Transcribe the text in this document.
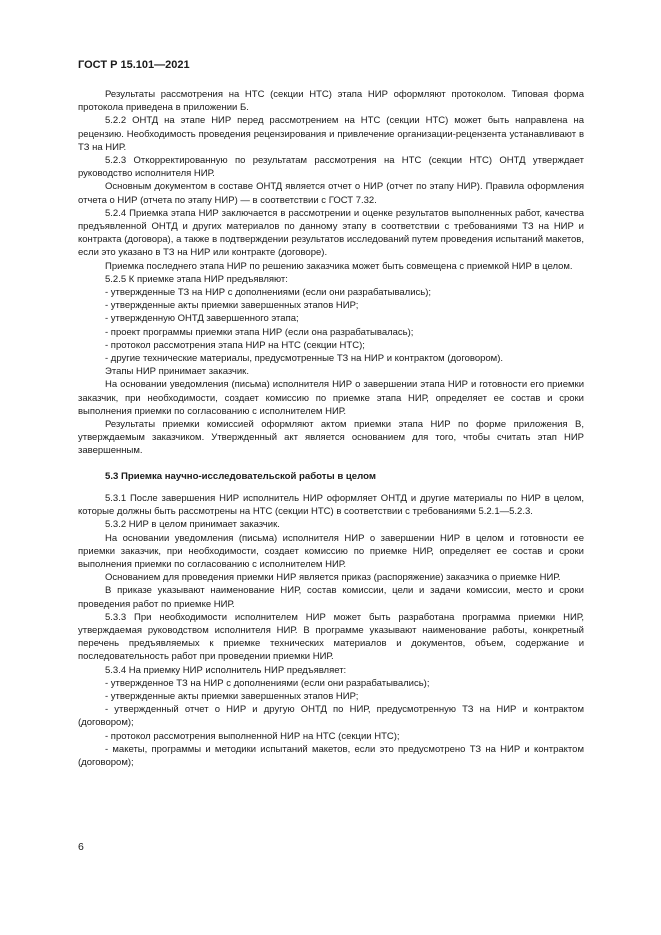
ГОСТ Р 15.101—2021

Результаты рассмотрения на НТС (секции НТС) этапа НИР оформляют протоколом. Типовая форма протокола приведена в приложении Б.

5.2.2 ОНТД на этапе НИР перед рассмотрением на НТС (секции НТС) может быть направлена на рецензию. Необходимость проведения рецензирования и привлечение организации-рецензента устанавливают в ТЗ на НИР.

5.2.3 Откорректированную по результатам рассмотрения на НТС (секции НТС) ОНТД утверждает руководство исполнителя НИР.

Основным документом в составе ОНТД является отчет о НИР (отчет по этапу НИР). Правила оформления отчета о НИР (отчета по этапу НИР) — в соответствии с ГОСТ 7.32.

5.2.4 Приемка этапа НИР заключается в рассмотрении и оценке результатов выполненных работ, качества предъявленной ОНТД и других материалов по данному этапу в соответствии с требованиями ТЗ на НИР и контракта (договора), а также в подтверждении результатов исследований путем проведения испытаний макетов, если это указано в ТЗ на НИР или контракте (договоре).

Приемка последнего этапа НИР по решению заказчика может быть совмещена с приемкой НИР в целом.

5.2.5 К приемке этапа НИР предъявляют:

- утвержденные ТЗ на НИР с дополнениями (если они разрабатывались);

- утвержденные акты приемки завершенных этапов НИР;

- утвержденную ОНТД завершенного этапа;

- проект программы приемки этапа НИР (если она разрабатывалась);

- протокол рассмотрения этапа НИР на НТС (секции НТС);

- другие технические материалы, предусмотренные ТЗ на НИР и контрактом (договором).

Этапы НИР принимает заказчик.

На основании уведомления (письма) исполнителя НИР о завершении этапа НИР и готовности его приемки заказчик, при необходимости, создает комиссию по приемке этапа НИР, определяет ее состав и сроки выполнения приемки по согласованию с исполнителем НИР.

Результаты приемки комиссией оформляют актом приемки этапа НИР по форме приложения В, утверждаемым заказчиком. Утвержденный акт является основанием для того, чтобы считать этап НИР завершенным.

5.3 Приемка научно-исследовательской работы в целом

5.3.1 После завершения НИР исполнитель НИР оформляет ОНТД и другие материалы по НИР в целом, которые должны быть рассмотрены на НТС (секции НТС) в соответствии с требованиями 5.2.1—5.2.3.

5.3.2 НИР в целом принимает заказчик.

На основании уведомления (письма) исполнителя НИР о завершении НИР в целом и готовности ее приемки заказчик, при необходимости, создает комиссию по приемке НИР, определяет ее состав и сроки выполнения приемки по согласованию с исполнителем НИР.

Основанием для проведения приемки НИР является приказ (распоряжение) заказчика о приемке НИР.

В приказе указывают наименование НИР, состав комиссии, цели и задачи комиссии, место и сроки проведения работ по приемке НИР.

5.3.3 При необходимости исполнителем НИР может быть разработана программа приемки НИР, утверждаемая руководством исполнителя НИР. В программе указывают наименование работы, конкретный перечень предъявляемых к приемке технических материалов и документов, объем, содержание и последовательность работ при проведении приемки НИР.

5.3.4 На приемку НИР исполнитель НИР предъявляет:

- утвержденное ТЗ на НИР с дополнениями (если они разрабатывались);

- утвержденные акты приемки завершенных этапов НИР;

- утвержденный отчет о НИР и другую ОНТД по НИР, предусмотренную ТЗ на НИР и контрактом (договором);

- протокол рассмотрения выполненной НИР на НТС (секции НТС);

- макеты, программы и методики испытаний макетов, если это предусмотрено ТЗ на НИР и контрактом (договором);

6
